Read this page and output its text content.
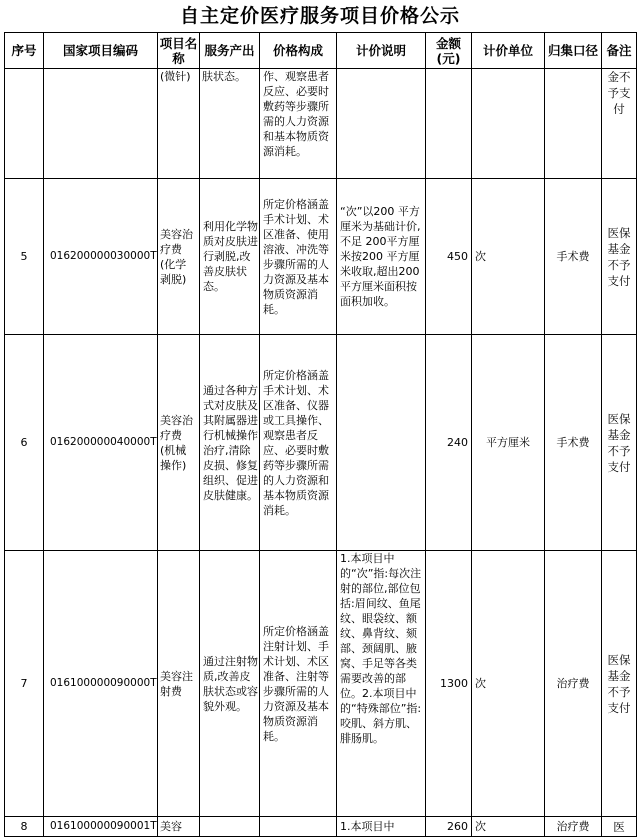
自主定价医疗服务项目价格公示
序号	国家项目编码	项目名称	服务产出	价格构成	计价说明	金额(元)	计价单位	归集口径	备注
		(微针)	肤状态。	作、观察患者反应、必要时敷药等步骤所需的人力资源和基本物质资源消耗。					金不予支付
5	016200000030000T	美容治疗费(化学剥脱)	利用化学物质对皮肤进行剥脱,改善皮肤状态。	所定价格涵盖手术计划、术区准备、使用溶液、冲洗等步骤所需的人力资源及基本物质资源消耗。	“次”以200 平方厘米为基础计价,不足 200平方厘米按200 平方厘米收取,超出200 平方厘米面积按面积加收。	450	次	手术费	医保基金不予支付
6	016200000040000T	美容治疗费(机械操作)	通过各种方式对皮肤及其附属器进行机械操作治疗,清除皮损、修复组织、促进皮肤健康。	所定价格涵盖手术计划、术区准备、仪器或工具操作、观察患者反应、必要时敷药等步骤所需的人力资源和基本物质资源消耗。		240	平方厘米	手术费	医保基金不予支付
7	016100000090000T	美容注射费	通过注射物质,改善皮肤状态或容貌外观。	所定价格涵盖注射计划、手术计划、术区准备、注射等步骤所需的人力资源及基本物质资源消耗。	1.本项目中的“次”指:每次注射的部位,部位包括:眉间纹、鱼尾纹、眼袋纹、额纹、鼻背纹、颏部、颈阔肌、腋窝、手足等各类需要改善的部位。2.本项目中的“特殊部位”指:咬肌、斜方肌、腓肠肌。	1300	次	治疗费	医保基金不予支付
8	016100000090001T	美容			1.本项目中	260	次	治疗费	医
